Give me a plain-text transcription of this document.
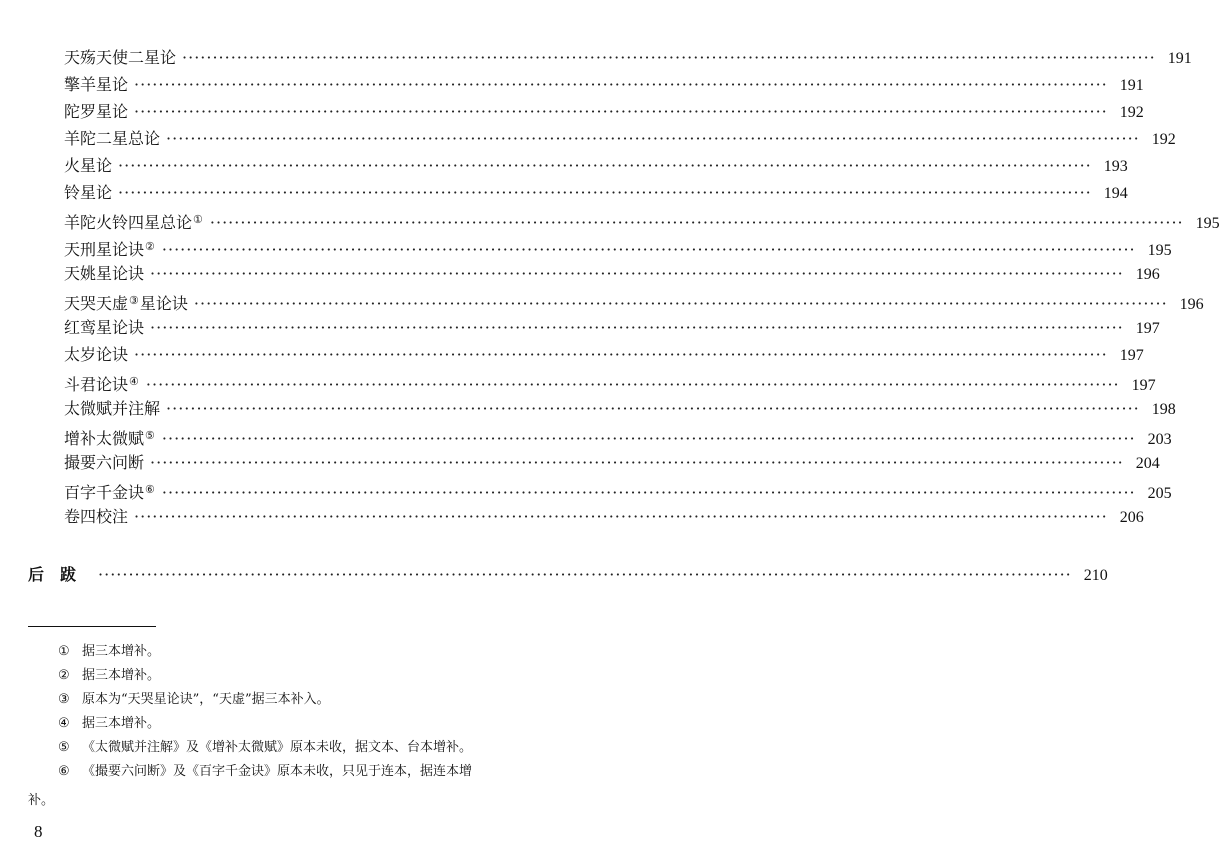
天殇天使二星论 ································································································································································ 191
擎羊星论 ································································································································································ 191
陀罗星论 ································································································································································ 192
羊陀二星总论 ································································································································································ 192
火星论 ································································································································································ 193
铃星论 ································································································································································ 194
羊陀火铃四星总论① ································································································································································ 195
天刑星论诀② ································································································································································ 195
天姚星论诀 ································································································································································ 196
天哭天虚③星论诀 ································································································································································ 196
红鸾星论诀 ································································································································································ 197
太岁论诀 ································································································································································ 197
斗君论诀④ ································································································································································ 197
太微赋并注解 ································································································································································ 198
增补太微赋⑤ ································································································································································ 203
撮要六问断 ································································································································································ 204
百字千金诀⑥ ································································································································································ 205
卷四校注 ································································································································································ 206
后跋 ································································································································································ 210
① 据三本增补。
② 据三本增补。
③ 原本为“天哭星论诀”，“天虚”据三本补入。
④ 据三本增补。
⑤ 《太微赋并注解》及《增补太微赋》原本未收，据文本、台本增补。
⑥ 《撮要六问断》及《百字千金诀》原本未收，只见于连本，据连本增
补。
8
